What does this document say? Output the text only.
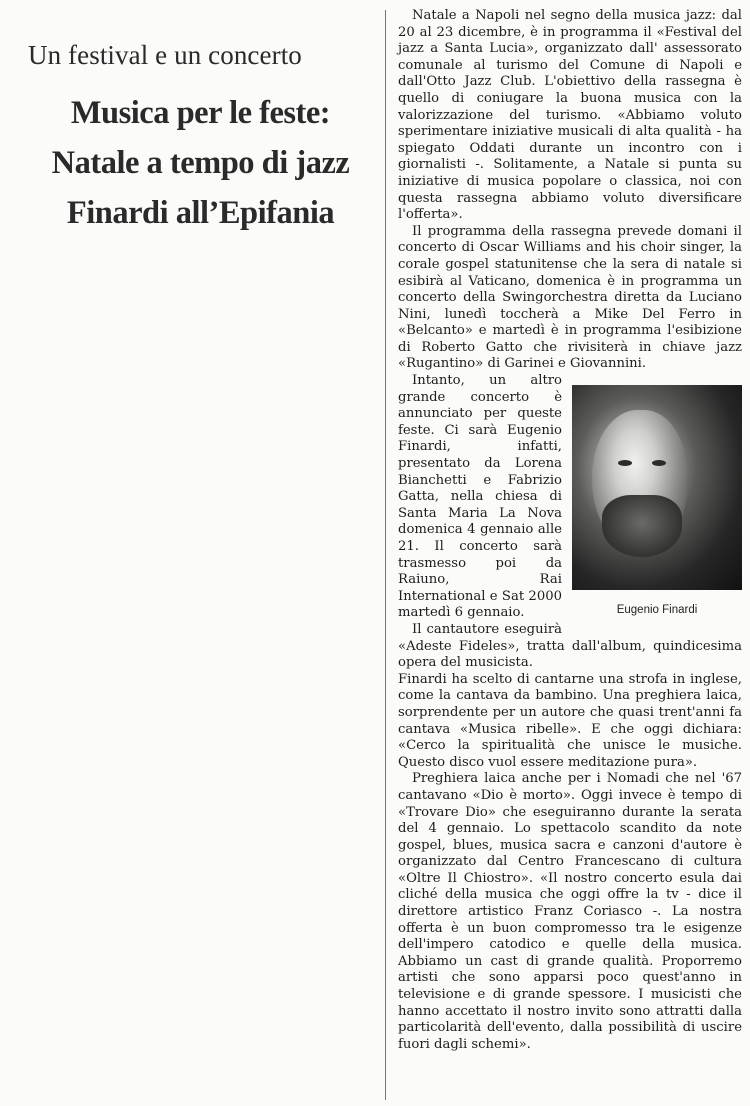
Un festival e un concerto
Musica per le feste:
Natale a tempo di jazz
Finardi all’Epifania

Natale a Napoli nel segno della musica jazz: dal 20 al 23 dicembre, è in programma il «Festival del jazz a Santa Lucia», organizzato dall' assessorato comunale al turismo del Comune di Napoli e dall'Otto Jazz Club. L'obiettivo della rassegna è quello di coniugare la buona musica con la valorizzazione del turismo. «Abbiamo voluto sperimentare iniziative musicali di alta qualità - ha spiegato Oddati durante un incontro con i giornalisti -. Solitamente, a Natale si punta su iniziative di musica popolare o classica, noi con questa rassegna abbiamo voluto diversificare l'offerta».

Il programma della rassegna prevede domani il concerto di Oscar Williams and his choir singer, la corale gospel statunitense che la sera di natale si esibirà al Vaticano, domenica è in programma un concerto della Swingorchestra diretta da Luciano Nini, lunedì toccherà a Mike Del Ferro in «Belcanto» e martedì è in programma l'esibizione di Roberto Gatto che rivisiterà in chiave jazz «Rugantino» di Garinei e Giovannini.

Eugenio Finardi

Intanto, un altro grande concerto è annunciato per queste feste. Ci sarà Eugenio Finardi, infatti, presentato da Lorena Bianchetti e Fabrizio Gatta, nella chiesa di Santa Maria La Nova domenica 4 gennaio alle 21. Il concerto sarà trasmesso poi da Raiuno, Rai International e Sat 2000 martedì 6 gennaio.

Il cantautore eseguirà «Adeste Fideles», tratta dall'album, quindicesima opera del musicista.

Finardi ha scelto di cantarne una strofa in inglese, come la cantava da bambino. Una preghiera laica, sorprendente per un autore che quasi trent'anni fa cantava «Musica ribelle». E che oggi dichiara: «Cerco la spiritualità che unisce le musiche. Questo disco vuol essere meditazione pura».

Preghiera laica anche per i Nomadi che nel '67 cantavano «Dio è morto». Oggi invece è tempo di «Trovare Dio» che eseguiranno durante la serata del 4 gennaio. Lo spettacolo scandito da note gospel, blues, musica sacra e canzoni d'autore è organizzato dal Centro Francescano di cultura «Oltre Il Chiostro». «Il nostro concerto esula dai cliché della musica che oggi offre la tv - dice il direttore artistico Franz Coriasco -. La nostra offerta è un buon compromesso tra le esigenze dell'impero catodico e quelle della musica. Abbiamo un cast di grande qualità. Proporremo artisti che sono apparsi poco quest'anno in televisione e di grande spessore. I musicisti che hanno accettato il nostro invito sono attratti dalla particolarità dell'evento, dalla possibilità di uscire fuori dagli schemi».
